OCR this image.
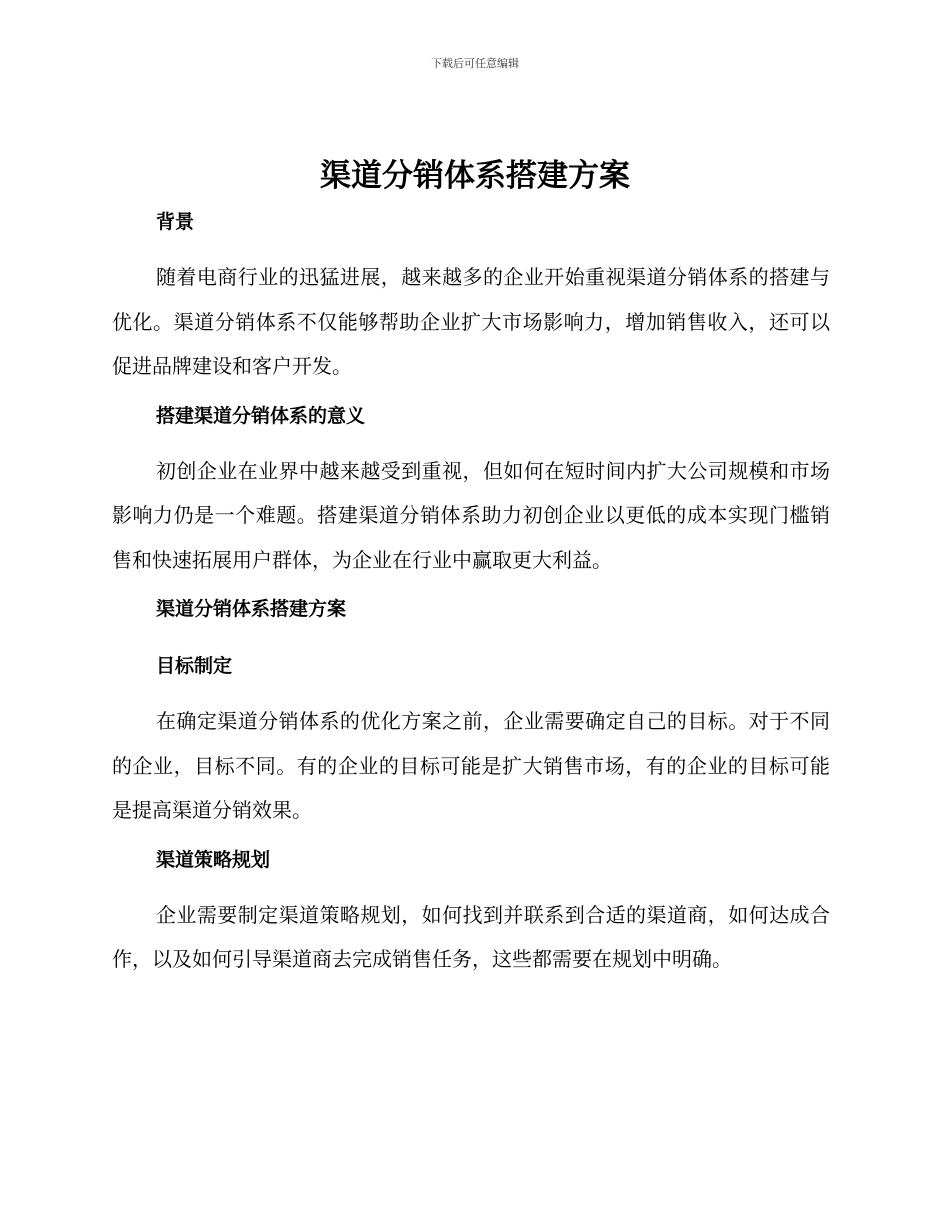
下载后可任意编辑
渠道分销体系搭建方案
背景

随着电商行业的迅猛进展，越来越多的企业开始重视渠道分销体系的搭建与优化。渠道分销体系不仅能够帮助企业扩大市场影响力，增加销售收入，还可以促进品牌建设和客户开发。

搭建渠道分销体系的意义

初创企业在业界中越来越受到重视，但如何在短时间内扩大公司规模和市场影响力仍是一个难题。搭建渠道分销体系助力初创企业以更低的成本实现门槛销售和快速拓展用户群体，为企业在行业中赢取更大利益。

渠道分销体系搭建方案
目标制定

在确定渠道分销体系的优化方案之前，企业需要确定自己的目标。对于不同的企业，目标不同。有的企业的目标可能是扩大销售市场，有的企业的目标可能是提高渠道分销效果。

渠道策略规划

企业需要制定渠道策略规划，如何找到并联系到合适的渠道商，如何达成合作，以及如何引导渠道商去完成销售任务，这些都需要在规划中明确。
